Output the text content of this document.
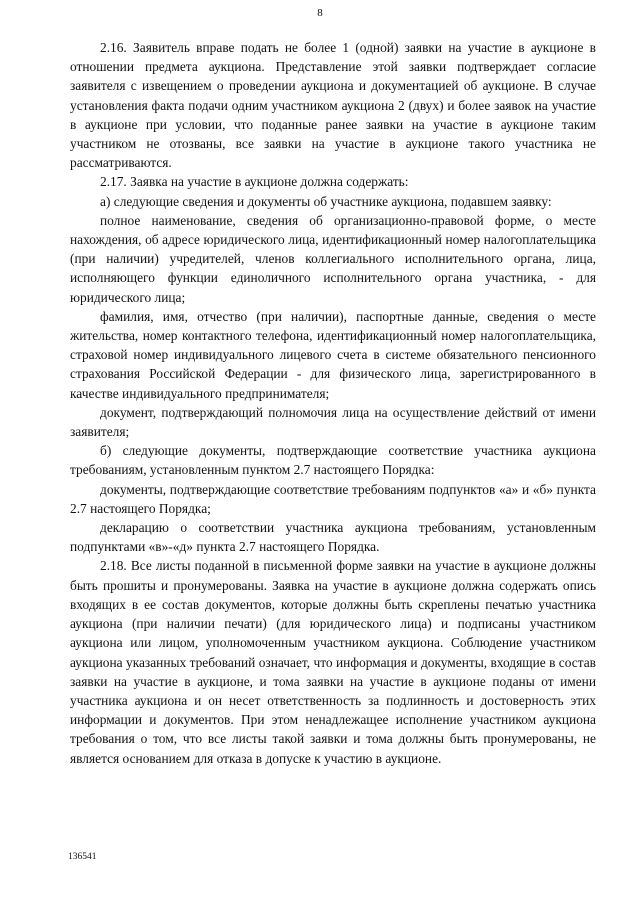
8

2.16. Заявитель вправе подать не более 1 (одной) заявки на участие в аукционе в отношении предмета аукциона. Представление этой заявки подтверждает согласие заявителя с извещением о проведении аукциона и документацией об аукционе. В случае установления факта подачи одним участником аукциона 2 (двух) и более заявок на участие в аукционе при условии, что поданные ранее заявки на участие в аукционе таким участником не отозваны, все заявки на участие в аукционе такого участника не рассматриваются.

2.17. Заявка на участие в аукционе должна содержать:

а) следующие сведения и документы об участнике аукциона, подавшем заявку:

полное наименование, сведения об организационно-правовой форме, о месте нахождения, об адресе юридического лица, идентификационный номер налогоплательщика (при наличии) учредителей, членов коллегиального исполнительного органа, лица, исполняющего функции единоличного исполнительного органа участника, - для юридического лица;

фамилия, имя, отчество (при наличии), паспортные данные, сведения о месте жительства, номер контактного телефона, идентификационный номер налогоплательщика, страховой номер индивидуального лицевого счета в системе обязательного пенсионного страхования Российской Федерации - для физического лица, зарегистрированного в качестве индивидуального предпринимателя;

документ, подтверждающий полномочия лица на осуществление действий от имени заявителя;

б) следующие документы, подтверждающие соответствие участника аукциона требованиям, установленным пунктом 2.7 настоящего Порядка:

документы, подтверждающие соответствие требованиям подпунктов «а» и «б» пункта 2.7 настоящего Порядка;

декларацию о соответствии участника аукциона требованиям, установленным подпунктами «в»-«д» пункта 2.7 настоящего Порядка.

2.18. Все листы поданной в письменной форме заявки на участие в аукционе должны быть прошиты и пронумерованы. Заявка на участие в аукционе должна содержать опись входящих в ее состав документов, которые должны быть скреплены печатью участника аукциона (при наличии печати) (для юридического лица) и подписаны участником аукциона или лицом, уполномоченным участником аукциона. Соблюдение участником аукциона указанных требований означает, что информация и документы, входящие в состав заявки на участие в аукционе, и тома заявки на участие в аукционе поданы от имени участника аукциона и он несет ответственность за подлинность и достоверность этих информации и документов. При этом ненадлежащее исполнение участником аукциона требования о том, что все листы такой заявки и тома должны быть пронумерованы, не является основанием для отказа в допуске к участию в аукционе.

136541
